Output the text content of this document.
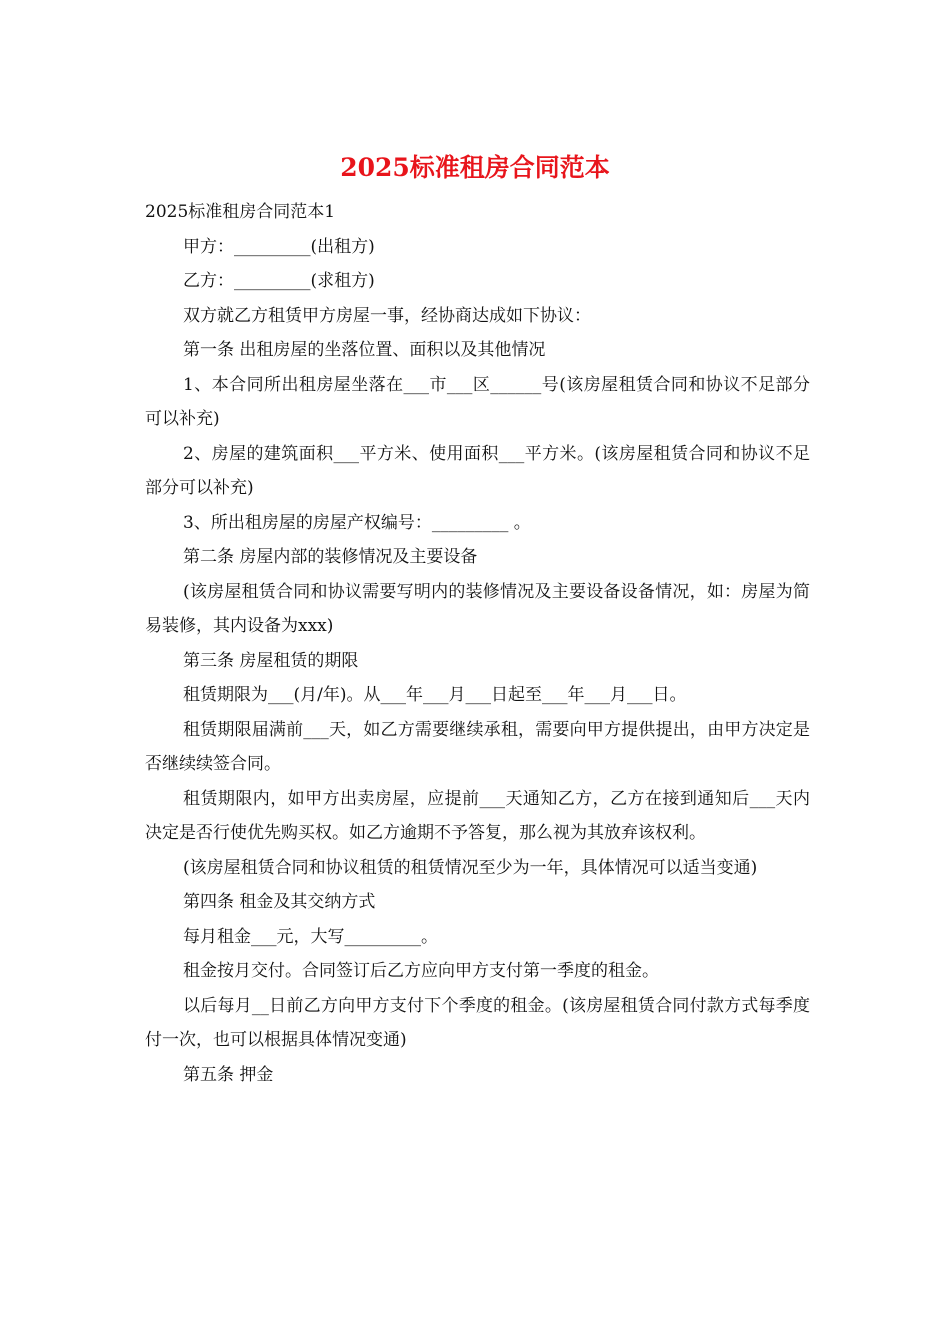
2025标准租房合同范本

2025标准租房合同范本1

甲方：_________(出租方)

乙方：_________(求租方)

双方就乙方租赁甲方房屋一事，经协商达成如下协议：

第一条 出租房屋的坐落位置、面积以及其他情况

1、本合同所出租房屋坐落在___市___区______号(该房屋租赁合同和协议不足部分可以补充)

2、房屋的建筑面积___平方米、使用面积___平方米。(该房屋租赁合同和协议不足部分可以补充)

3、所出租房屋的房屋产权编号：_________ 。

第二条 房屋内部的装修情况及主要设备

(该房屋租赁合同和协议需要写明内的装修情况及主要设备设备情况，如：房屋为简易装修，其内设备为xxx)

第三条 房屋租赁的期限

租赁期限为___(月/年)。从___年___月___日起至___年___月___日。

租赁期限届满前___天，如乙方需要继续承租，需要向甲方提供提出，由甲方决定是否继续续签合同。

租赁期限内，如甲方出卖房屋，应提前___天通知乙方，乙方在接到通知后___天内决定是否行使优先购买权。如乙方逾期不予答复，那么视为其放弃该权利。

(该房屋租赁合同和协议租赁的租赁情况至少为一年，具体情况可以适当变通)

第四条 租金及其交纳方式

每月租金___元，大写_________。

租金按月交付。合同签订后乙方应向甲方支付第一季度的租金。

以后每月__日前乙方向甲方支付下个季度的租金。(该房屋租赁合同付款方式每季度付一次，也可以根据具体情况变通)

第五条 押金
